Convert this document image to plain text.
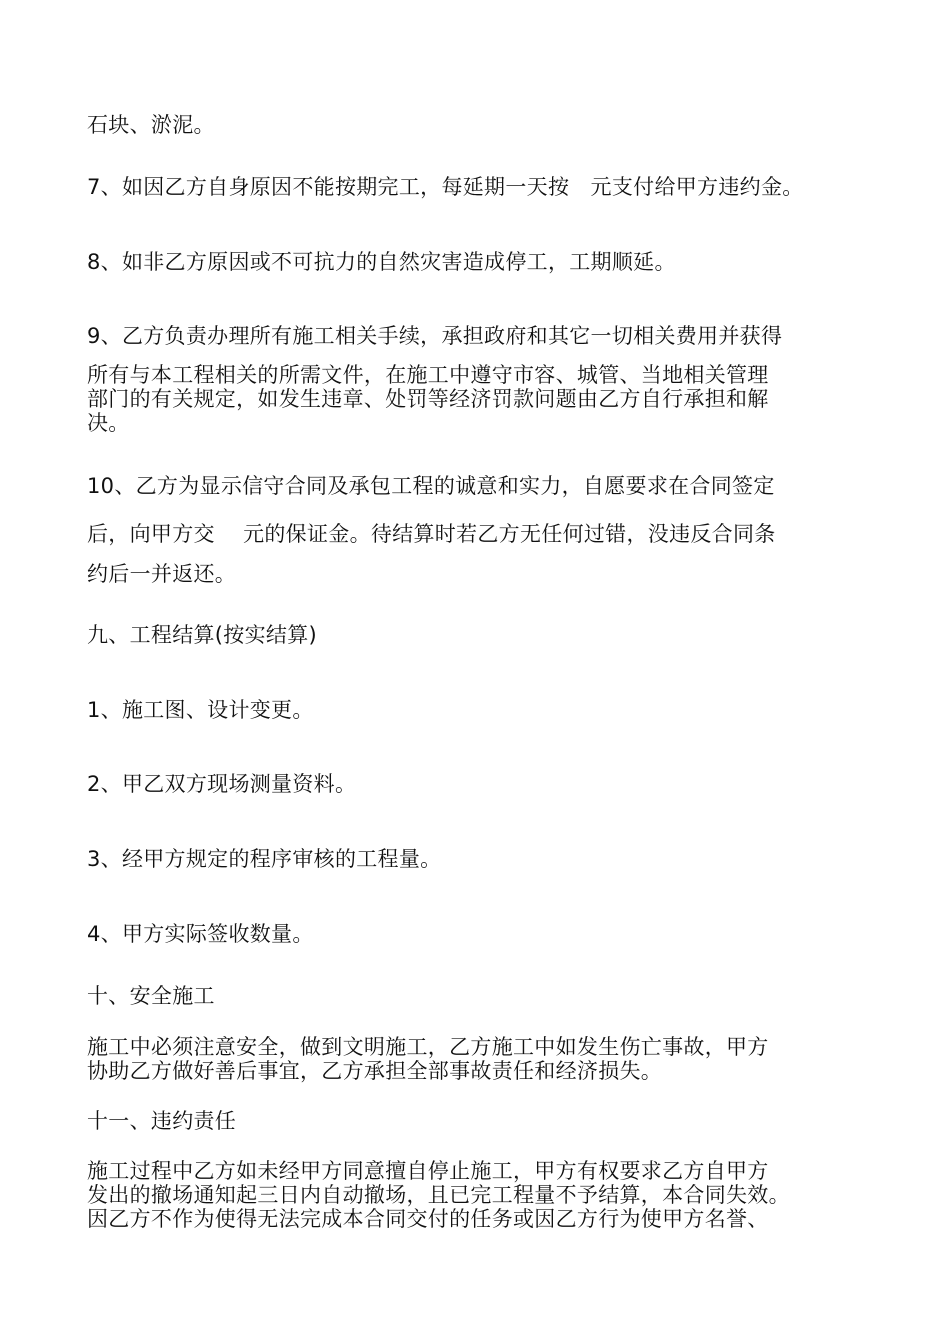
石块、淤泥。
7、如因乙方自身原因不能按期完工，每延期一天按　元支付给甲方违约金。
8、如非乙方原因或不可抗力的自然灾害造成停工，工期顺延。
9、乙方负责办理所有施工相关手续，承担政府和其它一切相关费用并获得
所有与本工程相关的所需文件，在施工中遵守市容、城管、当地相关管理
部门的有关规定，如发生违章、处罚等经济罚款问题由乙方自行承担和解
决。
10、乙方为显示信守合同及承包工程的诚意和实力，自愿要求在合同签定
后，向甲方交　 元的保证金。待结算时若乙方无任何过错，没违反合同条
约后一并返还。
九、工程结算(按实结算)
1、施工图、设计变更。
2、甲乙双方现场测量资料。
3、经甲方规定的程序审核的工程量。
4、甲方实际签收数量。
十、安全施工
施工中必须注意安全，做到文明施工，乙方施工中如发生伤亡事故，甲方
协助乙方做好善后事宜，乙方承担全部事故责任和经济损失。
十一、违约责任
施工过程中乙方如未经甲方同意擅自停止施工，甲方有权要求乙方自甲方
发出的撤场通知起三日内自动撤场，且已完工程量不予结算，本合同失效。
因乙方不作为使得无法完成本合同交付的任务或因乙方行为使甲方名誉、
